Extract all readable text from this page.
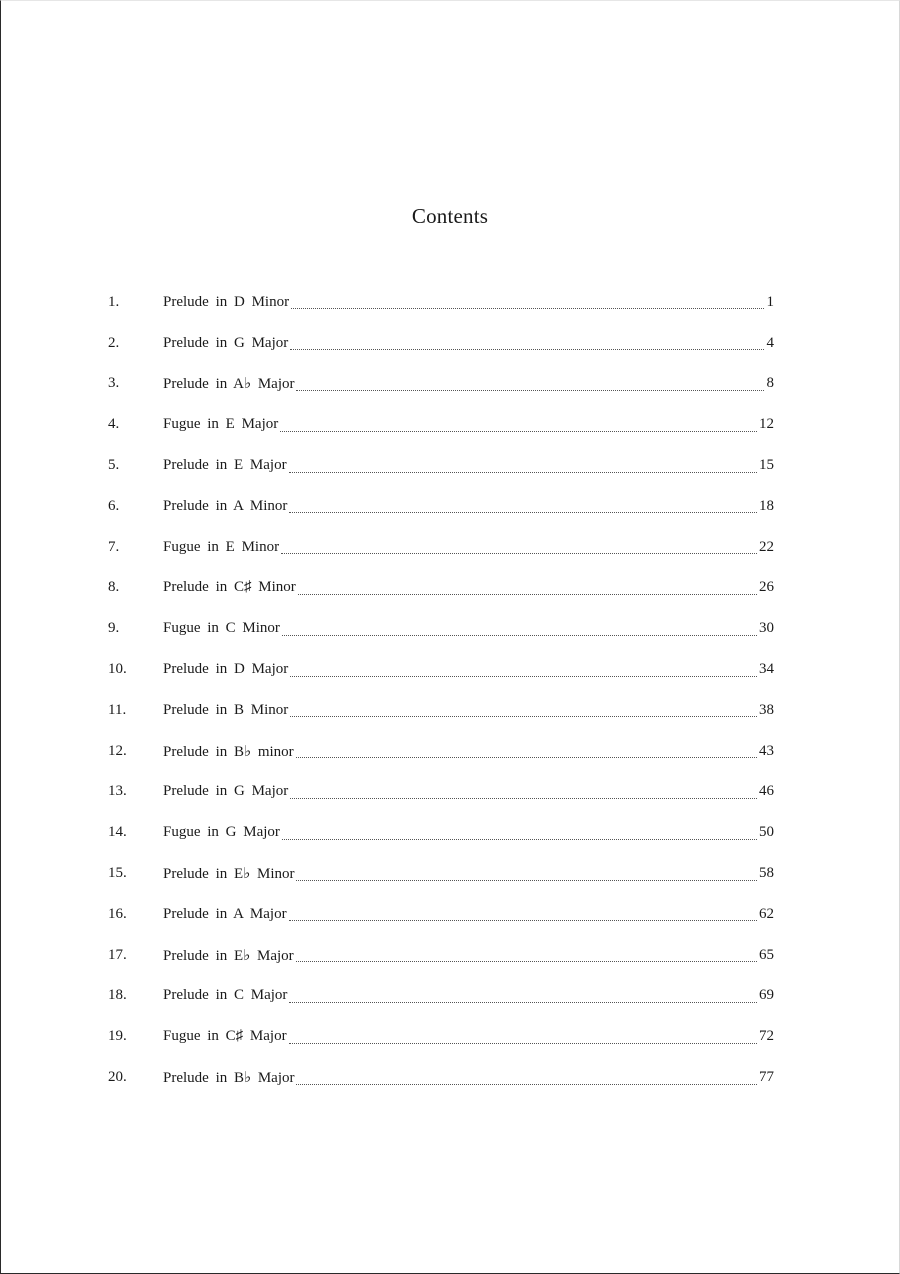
Contents
1.	Prelude in D Minor	1
2.	Prelude in G Major	4
3.	Prelude in A♭ Major	8
4.	Fugue in E Major	12
5.	Prelude in E Major	15
6.	Prelude in A Minor	18
7.	Fugue in E Minor	22
8.	Prelude in C♯ Minor	26
9.	Fugue in C Minor	30
10.	Prelude in D Major	34
11.	Prelude in B Minor	38
12.	Prelude in B♭ minor	43
13.	Prelude in G Major	46
14.	Fugue in G Major	50
15.	Prelude in E♭ Minor	58
16.	Prelude in A Major	62
17.	Prelude in E♭ Major	65
18.	Prelude in C Major	69
19.	Fugue in C♯ Major	72
20.	Prelude in B♭ Major	77
